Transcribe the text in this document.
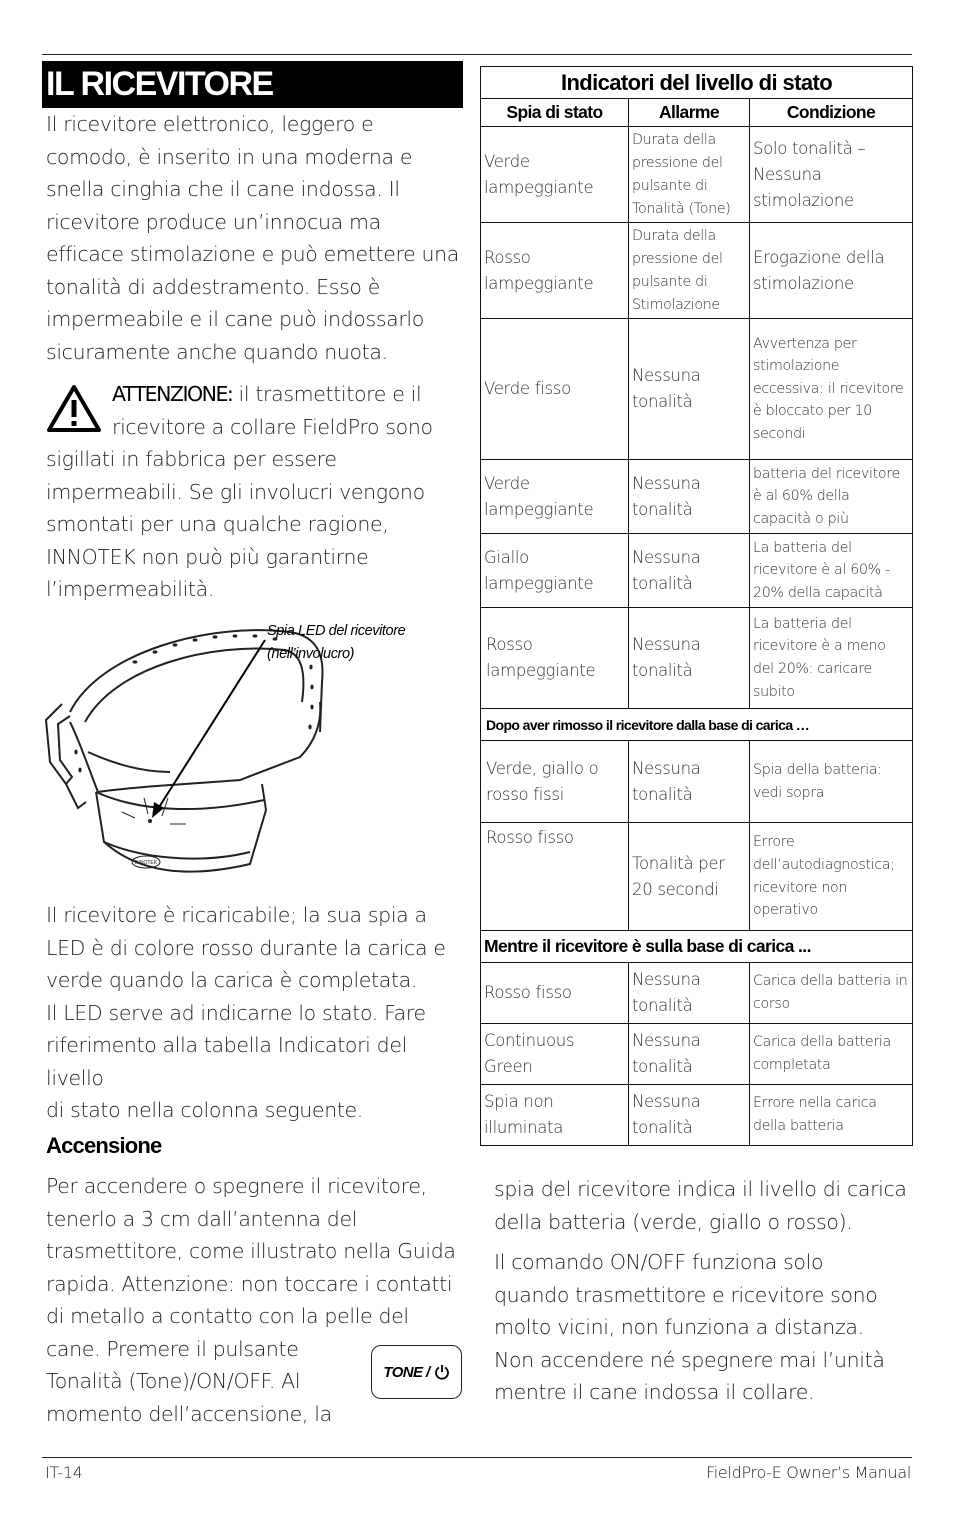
IL RICEVITORE
Il ricevitore elettronico, leggero e
comodo, è inserito in una moderna e
snella cinghia che il cane indossa. Il
ricevitore produce un’innocua ma
efficace stimolazione e può emettere una
tonalità di addestramento. Esso è
impermeabile e il cane può indossarlo
sicuramente anche quando nuota.
ATTENZIONE: il trasmettitore e il
ricevitore a collare FieldPro sono
sigillati in fabbrica per essere
impermeabili. Se gli involucri vengono
smontati per una qualche ragione,
INNOTEK non può più garantirne
l’impermeabilità.
INNOTEK
Spia LED del ricevitore
(nell’involucro)
Il ricevitore è ricaricabile; la sua spia a
LED è di colore rosso durante la carica e
verde quando la carica è completata.
Il LED serve ad indicarne lo stato. Fare
riferimento alla tabella Indicatori del livello
di stato nella colonna seguente.
Accensione
Per accendere o spegnere il ricevitore,
tenerlo a 3 cm dall’antenna del
trasmettitore, come illustrato nella Guida
rapida. Attenzione: non toccare i contatti
di metallo a contatto con la pelle del
cane. Premere il pulsante
Tonalità (Tone)/ON/OFF. Al
momento dell’accensione, la
TONE /
Indicatori del livello di stato		
Spia di stato	Allarme	Condizione
Verde lampeggiante	Durata della pressione del pulsante di Tonalità (Tone)	Solo tonalità – Nessuna stimolazione
Rosso lampeggiante	Durata della pressione del pulsante di Stimolazione	Erogazione della stimolazione
Verde fisso	Nessuna tonalità	Avvertenza per stimolazione eccessiva: il ricevitore è bloccato per 10 secondi
Verde lampeggiante	Nessuna tonalità	batteria del ricevitore è al 60% della capacità o più
Giallo lampeggiante	Nessuna tonalità	La batteria del ricevitore è al 60% - 20% della capacità
Rosso lampeggiante	Nessuna tonalità	La batteria del ricevitore è a meno del 20%: caricare subito
Dopo aver rimosso il ricevitore dalla base di carica …		
Verde, giallo o rosso fissi	Nessuna tonalità	Spia della batteria: vedi sopra
Rosso fisso	Tonalità per 20 secondi	Errore dell’autodiagnostica; ricevitore non operativo
Mentre il ricevitore è sulla base di carica ...		
Rosso fisso	Nessuna tonalità	Carica della batteria in corso
Continuous Green	Nessuna tonalità	Carica della batteria completata
Spia non illuminata	Nessuna tonalità	Errore nella carica della batteria
spia del ricevitore indica il livello di carica
della batteria (verde, giallo o rosso).
Il comando ON/OFF funziona solo
quando trasmettitore e ricevitore sono
molto vicini, non funziona a distanza.
Non accendere né spegnere mai l’unità
mentre il cane indossa il collare.
IT-14	FieldPro-E Owner’s Manual
